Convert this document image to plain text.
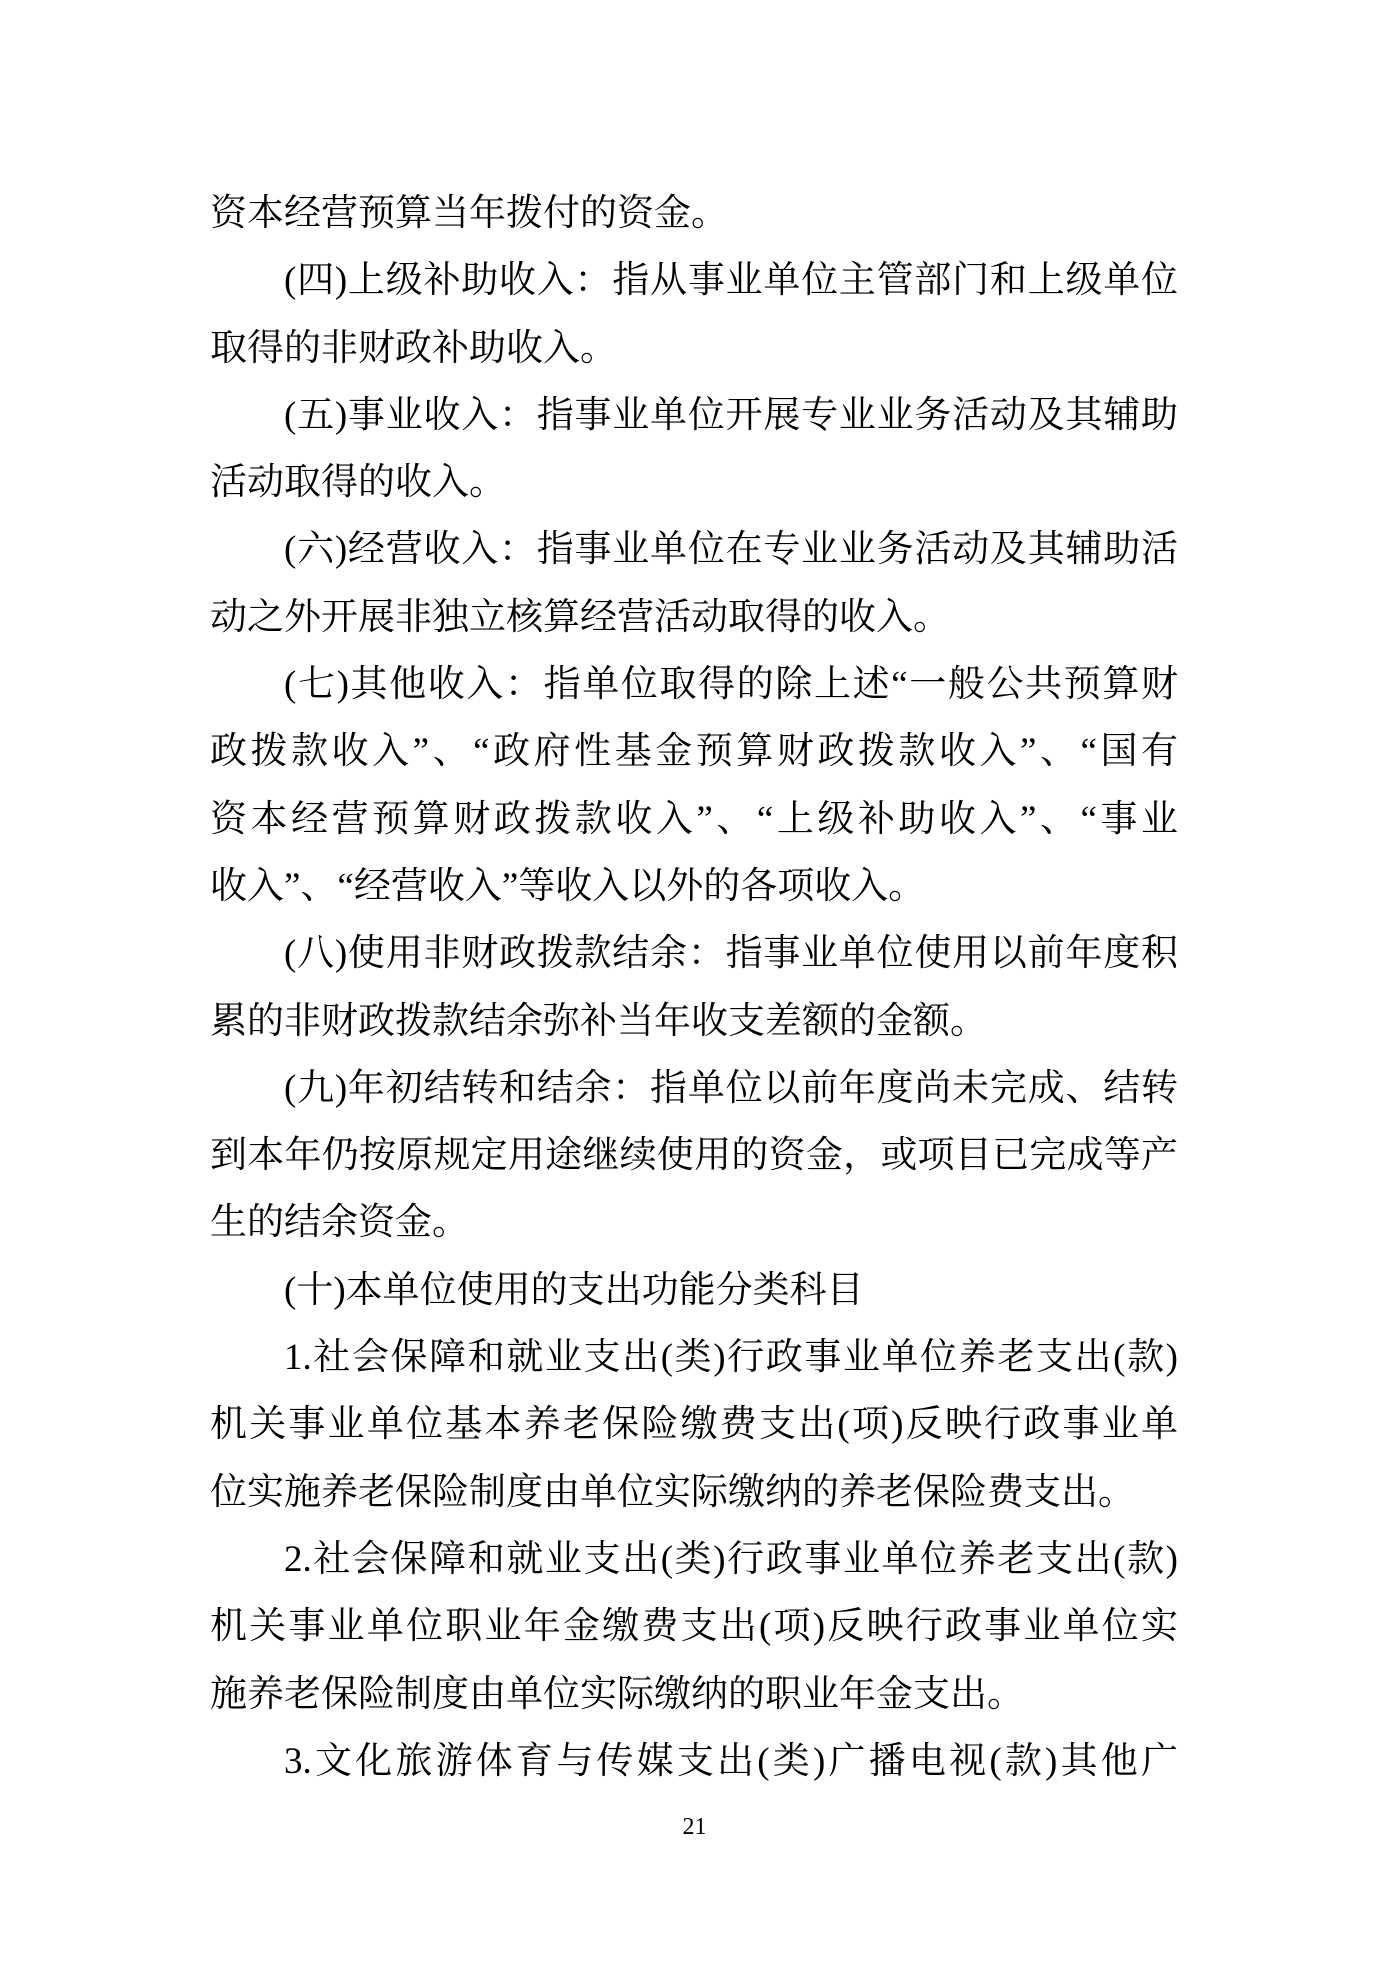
资本经营预算当年拨付的资金。
(四)上级补助收入：指从事业单位主管部门和上级单位
取得的非财政补助收入。
(五)事业收入：指事业单位开展专业业务活动及其辅助
活动取得的收入。
(六)经营收入：指事业单位在专业业务活动及其辅助活
动之外开展非独立核算经营活动取得的收入。
(七)其他收入：指单位取得的除上述“一般公共预算财
政拨款收入”、“政府性基金预算财政拨款收入”、“国有
资本经营预算财政拨款收入”、“上级补助收入”、“事业
收入”、“经营收入”等收入以外的各项收入。
(八)使用非财政拨款结余：指事业单位使用以前年度积
累的非财政拨款结余弥补当年收支差额的金额。
(九)年初结转和结余：指单位以前年度尚未完成、结转
到本年仍按原规定用途继续使用的资金，或项目已完成等产
生的结余资金。
(十)本单位使用的支出功能分类科目
1.社会保障和就业支出(类)行政事业单位养老支出(款)
机关事业单位基本养老保险缴费支出(项)反映行政事业单
位实施养老保险制度由单位实际缴纳的养老保险费支出。
2.社会保障和就业支出(类)行政事业单位养老支出(款)
机关事业单位职业年金缴费支出(项)反映行政事业单位实
施养老保险制度由单位实际缴纳的职业年金支出。
3.文化旅游体育与传媒支出(类)广播电视(款)其他广
21
